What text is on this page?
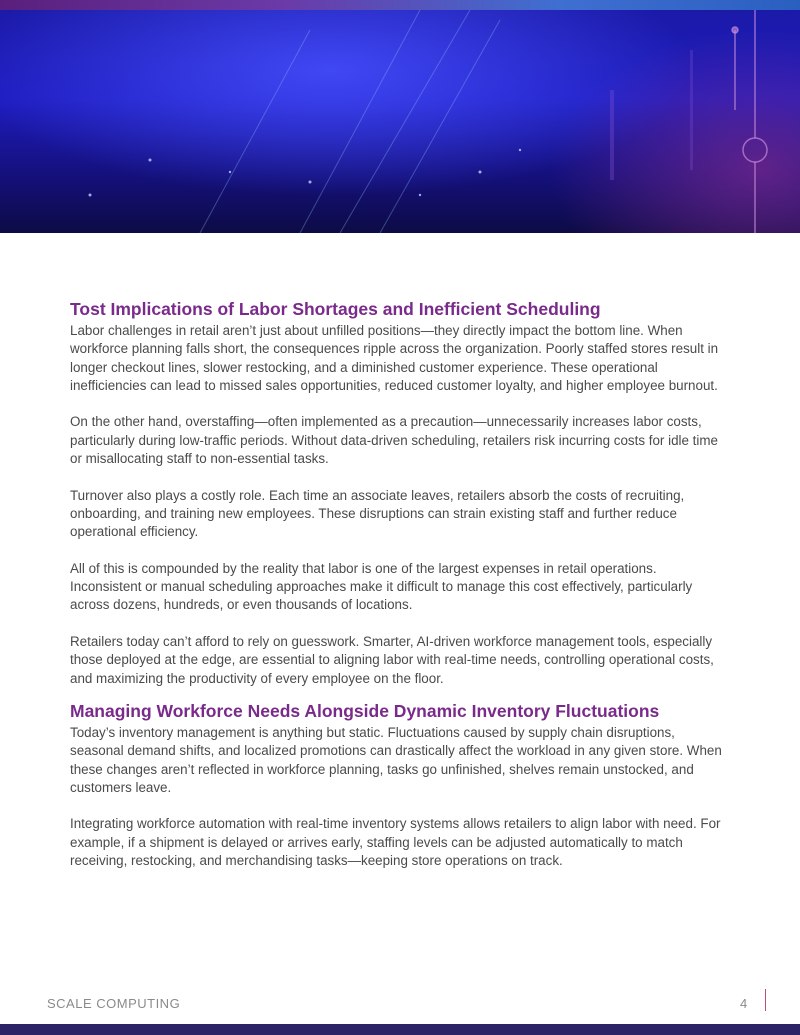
Tost Implications of Labor Shortages and Inefficient Scheduling

Labor challenges in retail aren’t just about unfilled positions—they directly impact the bottom line. When workforce planning falls short, the consequences ripple across the organization. Poorly staffed stores result in longer checkout lines, slower restocking, and a diminished customer experience. These operational inefficiencies can lead to missed sales opportunities, reduced customer loyalty, and higher employee burnout.

On the other hand, overstaffing—often implemented as a precaution—unnecessarily increases labor costs, particularly during low-traffic periods. Without data-driven scheduling, retailers risk incurring costs for idle time or misallocating staff to non-essential tasks.

Turnover also plays a costly role. Each time an associate leaves, retailers absorb the costs of recruiting, onboarding, and training new employees. These disruptions can strain existing staff and further reduce operational efficiency.

All of this is compounded by the reality that labor is one of the largest expenses in retail operations. Inconsistent or manual scheduling approaches make it difficult to manage this cost effectively, particularly across dozens, hundreds, or even thousands of locations.

Retailers today can’t afford to rely on guesswork. Smarter, AI-driven workforce management tools, especially those deployed at the edge, are essential to aligning labor with real-time needs, controlling operational costs, and maximizing the productivity of every employee on the floor.

Managing Workforce Needs Alongside Dynamic Inventory Fluctuations

Today’s inventory management is anything but static. Fluctuations caused by supply chain disruptions, seasonal demand shifts, and localized promotions can drastically affect the workload in any given store. When these changes aren’t reflected in workforce planning, tasks go unfinished, shelves remain unstocked, and customers leave.

Integrating workforce automation with real-time inventory systems allows retailers to align labor with need. For example, if a shipment is delayed or arrives early, staffing levels can be adjusted automatically to match receiving, restocking, and merchandising tasks—keeping store operations on track.

SCALE COMPUTING	4
